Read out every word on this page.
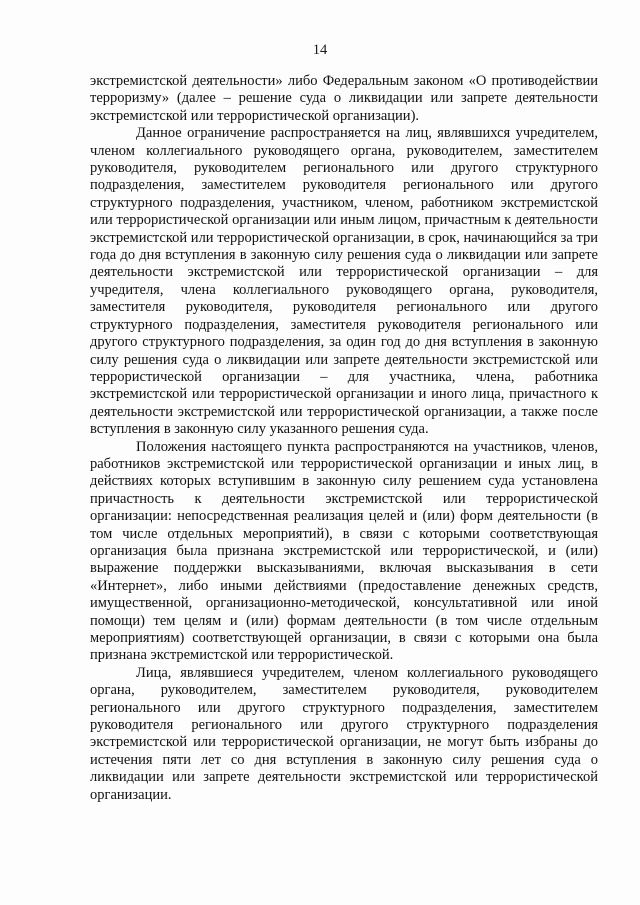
14

экстремистской деятельности» либо Федеральным законом «О противодействии терроризму» (далее – решение суда о ликвидации или запрете деятельности экстремистской или террористической организации).

Данное ограничение распространяется на лиц, являвшихся учредителем, членом коллегиального руководящего органа, руководителем, заместителем руководителя, руководителем регионального или другого структурного подразделения, заместителем руководителя регионального или другого структурного подразделения, участником, членом, работником экстремистской или террористической организации или иным лицом, причастным к деятельности экстремистской или террористической организации, в срок, начинающийся за три года до дня вступления в законную силу решения суда о ликвидации или запрете деятельности экстремистской или террористической организации – для учредителя, члена коллегиального руководящего органа, руководителя, заместителя руководителя, руководителя регионального или другого структурного подразделения, заместителя руководителя регионального или другого структурного подразделения, за один год до дня вступления в законную силу решения суда о ликвидации или запрете деятельности экстремистской или террористической организации – для участника, члена, работника экстремистской или террористической организации и иного лица, причастного к деятельности экстремистской или террористической организации, а также после вступления в законную силу указанного решения суда.

Положения настоящего пункта распространяются на участников, членов, работников экстремистской или террористической организации и иных лиц, в действиях которых вступившим в законную силу решением суда установлена причастность к деятельности экстремистской или террористической организации: непосредственная реализация целей и (или) форм деятельности (в том числе отдельных мероприятий), в связи с которыми соответствующая организация была признана экстремистской или террористической, и (или) выражение поддержки высказываниями, включая высказывания в сети «Интернет», либо иными действиями (предоставление денежных средств, имущественной, организационно-методической, консультативной или иной помощи) тем целям и (или) формам деятельности (в том числе отдельным мероприятиям) соответствующей организации, в связи с которыми она была признана экстремистской или террористической.

Лица, являвшиеся учредителем, членом коллегиального руководящего органа, руководителем, заместителем руководителя, руководителем регионального или другого структурного подразделения, заместителем руководителя регионального или другого структурного подразделения экстремистской или террористической организации, не могут быть избраны до истечения пяти лет со дня вступления в законную силу решения суда о ликвидации или запрете деятельности экстремистской или террористической организации.
